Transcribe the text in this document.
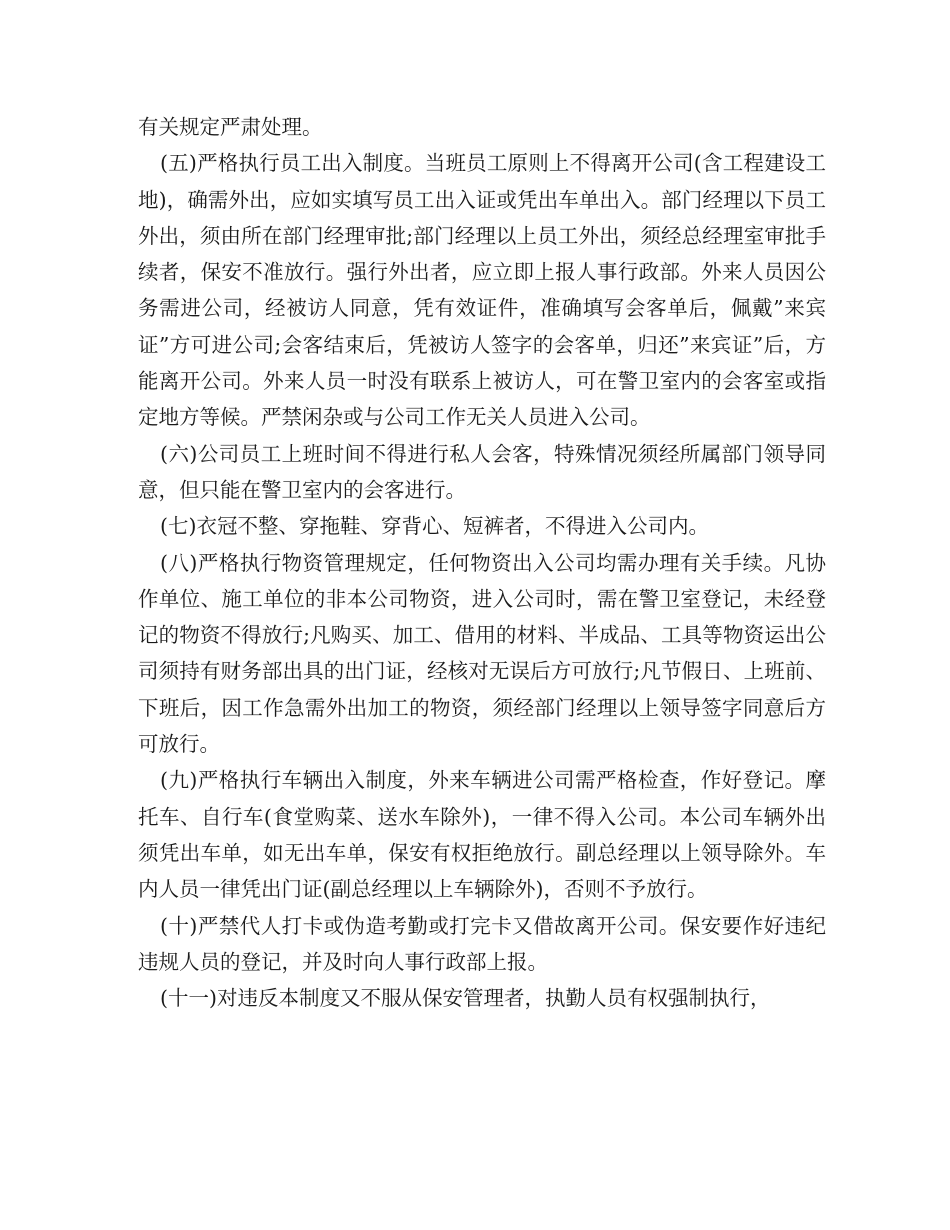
有关规定严肃处理。

(五)严格执行员工出入制度。当班员工原则上不得离开公司(含工程建设工地)，确需外出，应如实填写员工出入证或凭出车单出入。部门经理以下员工外出，须由所在部门经理审批;部门经理以上员工外出，须经总经理室审批手续者，保安不准放行。强行外出者，应立即上报人事行政部。外来人员因公务需进公司，经被访人同意，凭有效证件，准确填写会客单后，佩戴”来宾证”方可进公司;会客结束后，凭被访人签字的会客单，归还”来宾证”后，方能离开公司。外来人员一时没有联系上被访人，可在警卫室内的会客室或指定地方等候。严禁闲杂或与公司工作无关人员进入公司。

(六)公司员工上班时间不得进行私人会客，特殊情况须经所属部门领导同意，但只能在警卫室内的会客进行。

(七)衣冠不整、穿拖鞋、穿背心、短裤者，不得进入公司内。

(八)严格执行物资管理规定，任何物资出入公司均需办理有关手续。凡协作单位、施工单位的非本公司物资，进入公司时，需在警卫室登记，未经登记的物资不得放行;凡购买、加工、借用的材料、半成品、工具等物资运出公司须持有财务部出具的出门证，经核对无误后方可放行;凡节假日、上班前、下班后，因工作急需外出加工的物资，须经部门经理以上领导签字同意后方可放行。

(九)严格执行车辆出入制度，外来车辆进公司需严格检查，作好登记。摩托车、自行车(食堂购菜、送水车除外)，一律不得入公司。本公司车辆外出须凭出车单，如无出车单，保安有权拒绝放行。副总经理以上领导除外。车内人员一律凭出门证(副总经理以上车辆除外)，否则不予放行。

(十)严禁代人打卡或伪造考勤或打完卡又借故离开公司。保安要作好违纪违规人员的登记，并及时向人事行政部上报。

(十一)对违反本制度又不服从保安管理者，执勤人员有权强制执行，
